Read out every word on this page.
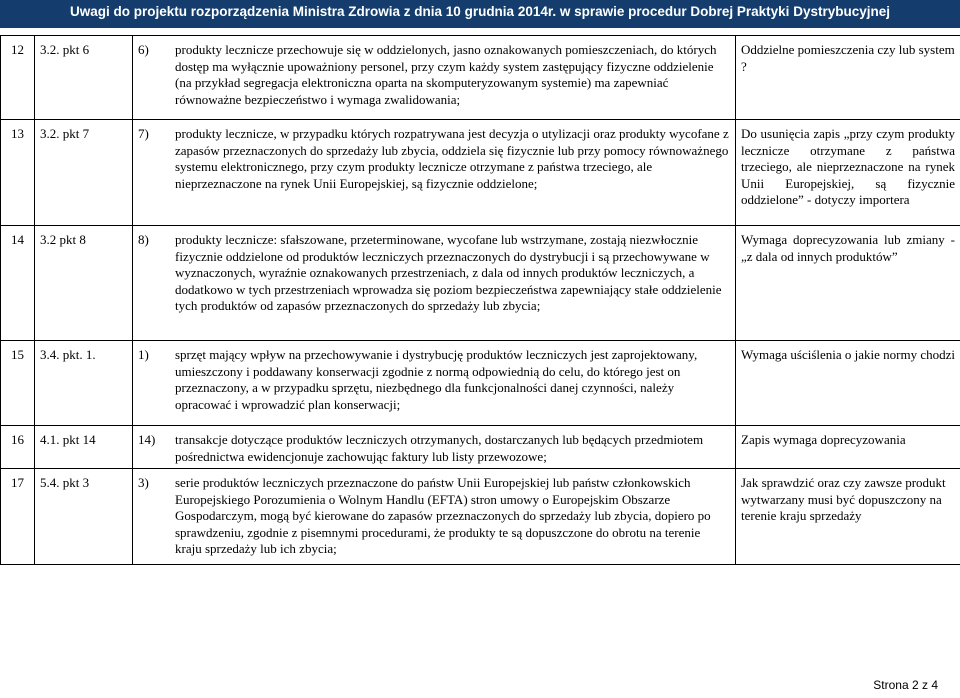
Uwagi do projektu rozporządzenia Ministra Zdrowia z dnia 10 grudnia 2014r. w sprawie procedur Dobrej Praktyki Dystrybucyjnej
12	3.2. pkt 6	6) produkty lecznicze przechowuje się w oddzielonych, jasno oznakowanych pomieszczeniach, do których dostęp ma wyłącznie upoważniony personel, przy czym każdy system zastępujący fizyczne oddzielenie (na przykład segregacja elektroniczna oparta na skomputeryzowanym systemie) ma zapewniać równoważne bezpieczeństwo i wymaga zwalidowania;	Oddzielne pomieszczenia czy lub system ?
13	3.2. pkt 7	7) produkty lecznicze, w przypadku których rozpatrywana jest decyzja o utylizacji oraz produkty wycofane z zapasów przeznaczonych do sprzedaży lub zbycia, oddziela się fizycznie lub przy pomocy równoważnego systemu elektronicznego, przy czym produkty lecznicze otrzymane z państwa trzeciego, ale nieprzeznaczone na rynek Unii Europejskiej, są fizycznie oddzielone;	Do usunięcia zapis „przy czym produkty lecznicze otrzymane z państwa trzeciego, ale nieprzeznaczone na rynek Unii Europejskiej, są fizycznie oddzielone” - dotyczy importera
14	3.2 pkt 8	8) produkty lecznicze: sfałszowane, przeterminowane, wycofane lub wstrzymane, zostają niezwłocznie fizycznie oddzielone od produktów leczniczych przeznaczonych do dystrybucji i są przechowywane w wyznaczonych, wyraźnie oznakowanych przestrzeniach, z dala od innych produktów leczniczych, a dodatkowo w tych przestrzeniach wprowadza się poziom bezpieczeństwa zapewniający stałe oddzielenie tych produktów od zapasów przeznaczonych do sprzedaży lub zbycia;	Wymaga doprecyzowania lub zmiany - „z dala od innych produktów”
15	3.4. pkt. 1.	1) sprzęt mający wpływ na przechowywanie i dystrybucję produktów leczniczych jest zaprojektowany, umieszczony i poddawany konserwacji zgodnie z normą odpowiednią do celu, do którego jest on przeznaczony, a w przypadku sprzętu, niezbędnego dla funkcjonalności danej czynności, należy opracować i wprowadzić plan konserwacji;	Wymaga uściślenia o jakie normy chodzi
16	4.1. pkt 14	14) transakcje dotyczące produktów leczniczych otrzymanych, dostarczanych lub będących przedmiotem pośrednictwa ewidencjonuje zachowując faktury lub listy przewozowe;	Zapis wymaga doprecyzowania
17	5.4. pkt 3	3) serie produktów leczniczych przeznaczone do państw Unii Europejskiej lub państw członkowskich Europejskiego Porozumienia o Wolnym Handlu (EFTA) stron umowy o Europejskim Obszarze Gospodarczym, mogą być kierowane do zapasów przeznaczonych do sprzedaży lub zbycia, dopiero po sprawdzeniu, zgodnie z pisemnymi procedurami, że produkty te są dopuszczone do obrotu na terenie kraju sprzedaży lub ich zbycia;	Jak sprawdzić oraz czy zawsze produkt wytwarzany musi być dopuszczony na terenie kraju sprzedaży
Strona 2 z 4
